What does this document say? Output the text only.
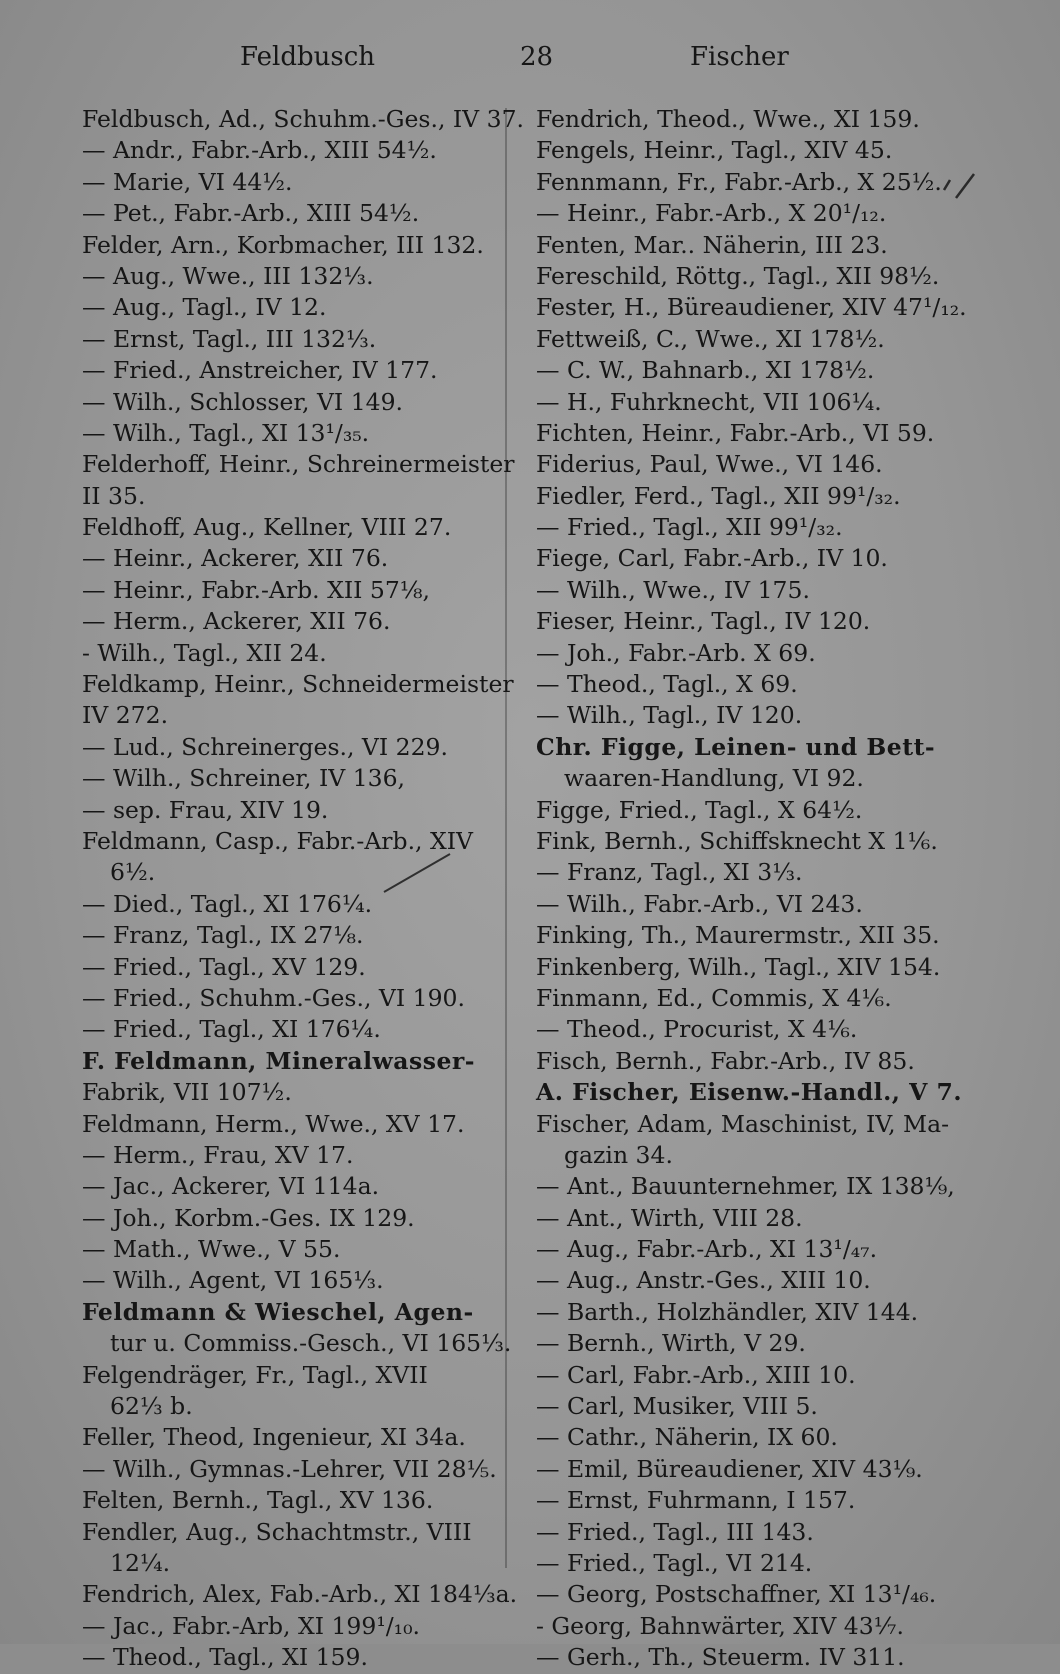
Feldbusch	28	Fischer
Feldbusch, Ad., Schuhm.-Ges., IV 37.
— Andr., Fabr.-Arb., XIII 54½.
— Marie, VI 44½.
— Pet., Fabr.-Arb., XIII 54½.
Felder, Arn., Korbmacher, III 132.
— Aug., Wwe., III 132⅓.
— Aug., Tagl., IV 12.
— Ernst, Tagl., III 132⅓.
— Fried., Anstreicher, IV 177.
— Wilh., Schlosser, VI 149.
— Wilh., Tagl., XI 13¹/₃₅.
Felderhoff, Heinr., Schreinermeister
II 35.
Feldhoff, Aug., Kellner, VIII 27.
— Heinr., Ackerer, XII 76.
— Heinr., Fabr.-Arb. XII 57⅛,
— Herm., Ackerer, XII 76.
- Wilh., Tagl., XII 24.
Feldkamp, Heinr., Schneidermeister
IV 272.
— Lud., Schreinerges., VI 229.
— Wilh., Schreiner, IV 136,
— sep. Frau, XIV 19.
Feldmann, Casp., Fabr.-Arb., XIV
6½.
— Died., Tagl., XI 176¼.
— Franz, Tagl., IX 27⅛.
— Fried., Tagl., XV 129.
— Fried., Schuhm.-Ges., VI 190.
— Fried., Tagl., XI 176¼.
F. Feldmann, Mineralwasser-
Fabrik, VII 107½.
Feldmann, Herm., Wwe., XV 17.
— Herm., Frau, XV 17.
— Jac., Ackerer, VI 114a.
— Joh., Korbm.-Ges. IX 129.
— Math., Wwe., V 55.
— Wilh., Agent, VI 165⅓.
Feldmann & Wieschel, Agen-
tur u. Commiss.-Gesch., VI 165⅓.
Felgendräger, Fr., Tagl., XVII
62⅓ b.
Feller, Theod, Ingenieur, XI 34a.
— Wilh., Gymnas.-Lehrer, VII 28⅕.
Felten, Bernh., Tagl., XV 136.
Fendler, Aug., Schachtmstr., VIII
12¼.
Fendrich, Alex, Fab.-Arb., XI 184⅓a.
— Jac., Fabr.-Arb, XI 199¹/₁₀.
— Theod., Tagl., XI 159.
Fendrich, Theod., Wwe., XI 159.
Fengels, Heinr., Tagl., XIV 45.
Fennmann, Fr., Fabr.-Arb., X 25½.
— Heinr., Fabr.-Arb., X 20¹/₁₂.
Fenten, Mar.. Näherin, III 23.
Fereschild, Röttg., Tagl., XII 98½.
Fester, H., Büreaudiener, XIV 47¹/₁₂.
Fettweiß, C., Wwe., XI 178½.
— C. W., Bahnarb., XI 178½.
— H., Fuhrknecht, VII 106¼.
Fichten, Heinr., Fabr.-Arb., VI 59.
Fiderius, Paul, Wwe., VI 146.
Fiedler, Ferd., Tagl., XII 99¹/₃₂.
— Fried., Tagl., XII 99¹/₃₂.
Fiege, Carl, Fabr.-Arb., IV 10.
— Wilh., Wwe., IV 175.
Fieser, Heinr., Tagl., IV 120.
— Joh., Fabr.-Arb. X 69.
— Theod., Tagl., X 69.
— Wilh., Tagl., IV 120.
Chr. Figge, Leinen- und Bett-
waaren-Handlung, VI 92.
Figge, Fried., Tagl., X 64½.
Fink, Bernh., Schiffsknecht X 1⅙.
— Franz, Tagl., XI 3⅓.
— Wilh., Fabr.-Arb., VI 243.
Finking, Th., Maurermstr., XII 35.
Finkenberg, Wilh., Tagl., XIV 154.
Finmann, Ed., Commis, X 4⅙.
— Theod., Procurist, X 4⅙.
Fisch, Bernh., Fabr.-Arb., IV 85.
A. Fischer, Eisenw.-Handl., V 7.
Fischer, Adam, Maschinist, IV, Ma-
gazin 34.
— Ant., Bauunternehmer, IX 138⅑,
— Ant., Wirth, VIII 28.
— Aug., Fabr.-Arb., XI 13¹/₄₇.
— Aug., Anstr.-Ges., XIII 10.
— Barth., Holzhändler, XIV 144.
— Bernh., Wirth, V 29.
— Carl, Fabr.-Arb., XIII 10.
— Carl, Musiker, VIII 5.
— Cathr., Näherin, IX 60.
— Emil, Büreaudiener, XIV 43⅑.
— Ernst, Fuhrmann, I 157.
— Fried., Tagl., III 143.
— Fried., Tagl., VI 214.
— Georg, Postschaffner, XI 13¹/₄₆.
- Georg, Bahnwärter, XIV 43⅐.
— Gerh., Th., Steuerm. IV 311.
